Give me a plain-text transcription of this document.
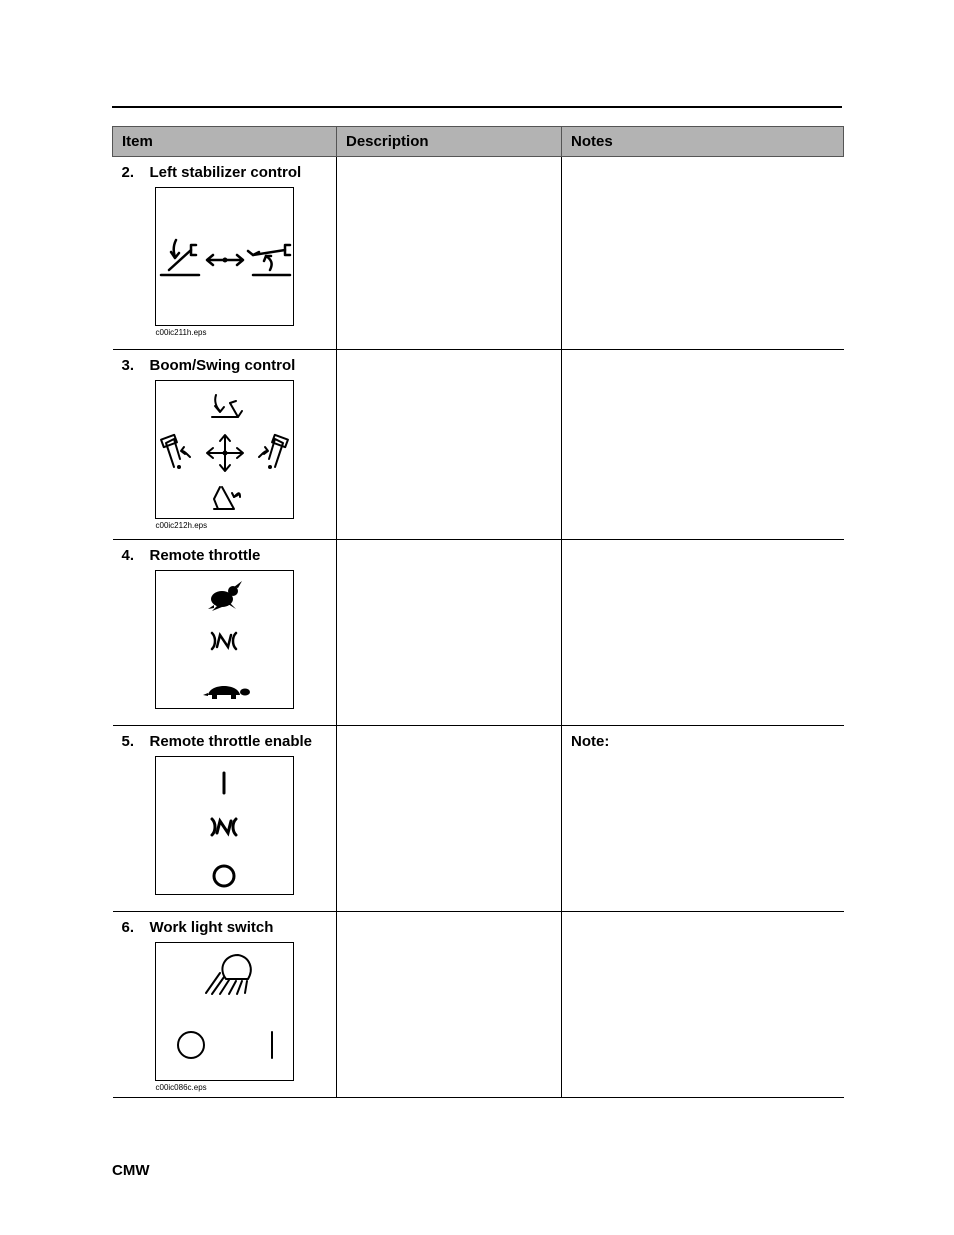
Item	Description	Notes

2. Left stabilizer control
c00ic211h.eps		

3. Boom/Swing control
c00ic212h.eps		

4. Remote throttle		

5. Remote throttle enable		Note:

6. Work light switch
c00ic086c.eps		

CMW
